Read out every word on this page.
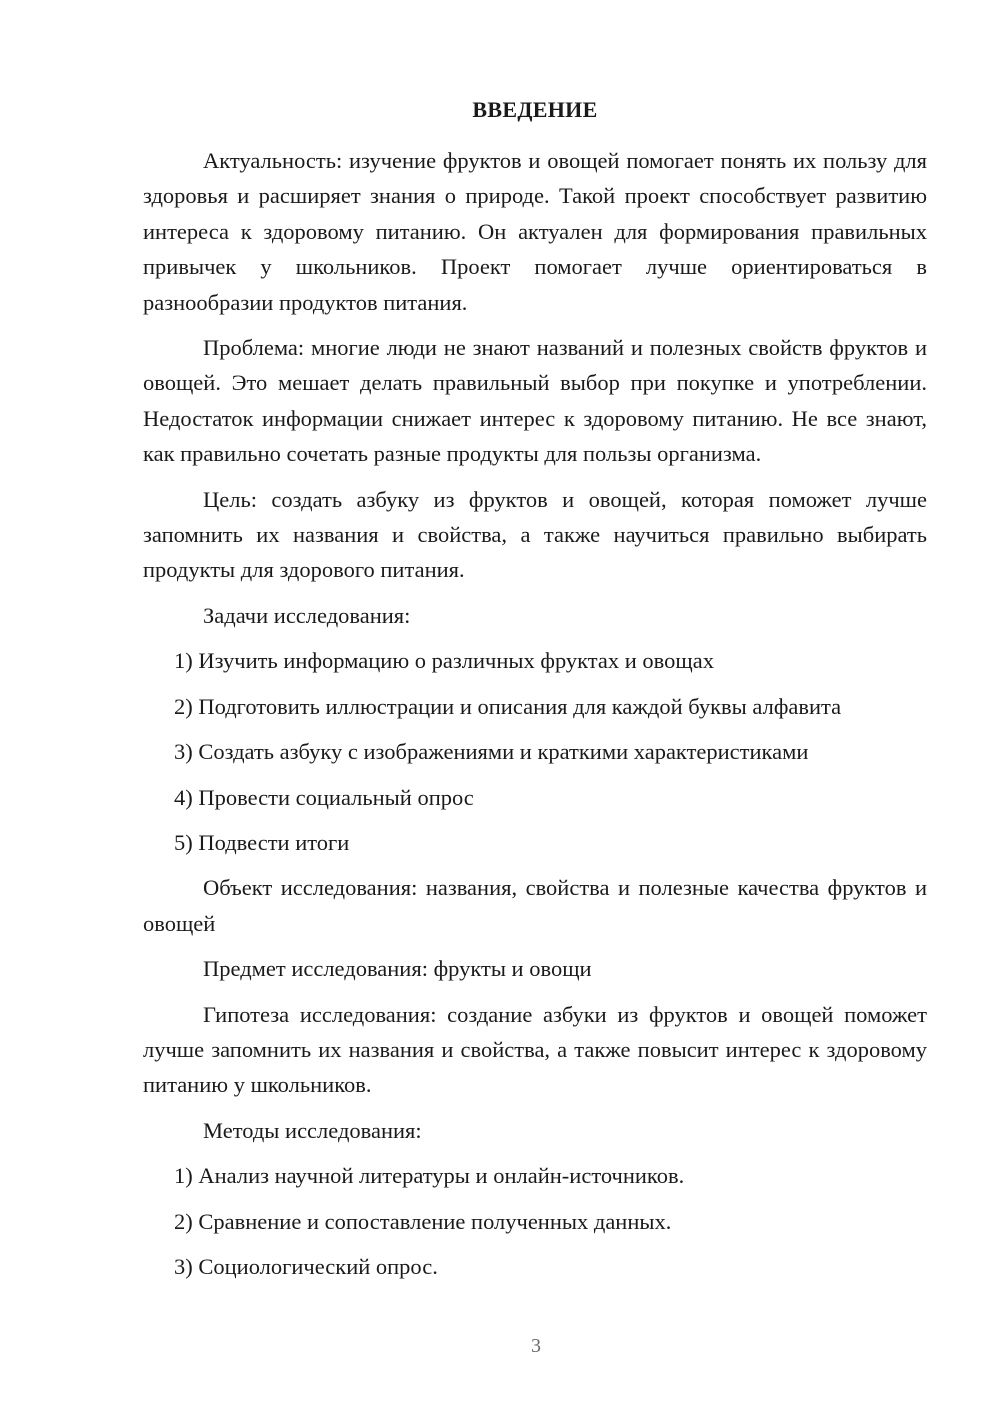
ВВЕДЕНИЕ

Актуальность: изучение фруктов и овощей помогает понять их пользу для здоровья и расширяет знания о природе. Такой проект способствует развитию интереса к здоровому питанию. Он актуален для формирования правильных привычек у школьников. Проект помогает лучше ориентироваться в разнообразии продуктов питания.

Проблема: многие люди не знают названий и полезных свойств фруктов и овощей. Это мешает делать правильный выбор при покупке и употреблении. Недостаток информации снижает интерес к здоровому питанию. Не все знают, как правильно сочетать разные продукты для пользы организма.

Цель: создать азбуку из фруктов и овощей, которая поможет лучше запомнить их названия и свойства, а также научиться правильно выбирать продукты для здорового питания.

Задачи исследования:
1) Изучить информацию о различных фруктах и овощах
2) Подготовить иллюстрации и описания для каждой буквы алфавита
3) Создать азбуку с изображениями и краткими характеристиками
4) Провести социальный опрос
5) Подвести итоги

Объект исследования: названия, свойства и полезные качества фруктов и овощей

Предмет исследования: фрукты и овощи

Гипотеза исследования: создание азбуки из фруктов и овощей поможет лучше запомнить их названия и свойства, а также повысит интерес к здоровому питанию у школьников.

Методы исследования:
1) Анализ научной литературы и онлайн-источников.
2) Сравнение и сопоставление полученных данных.
3) Социологический опрос.
3
